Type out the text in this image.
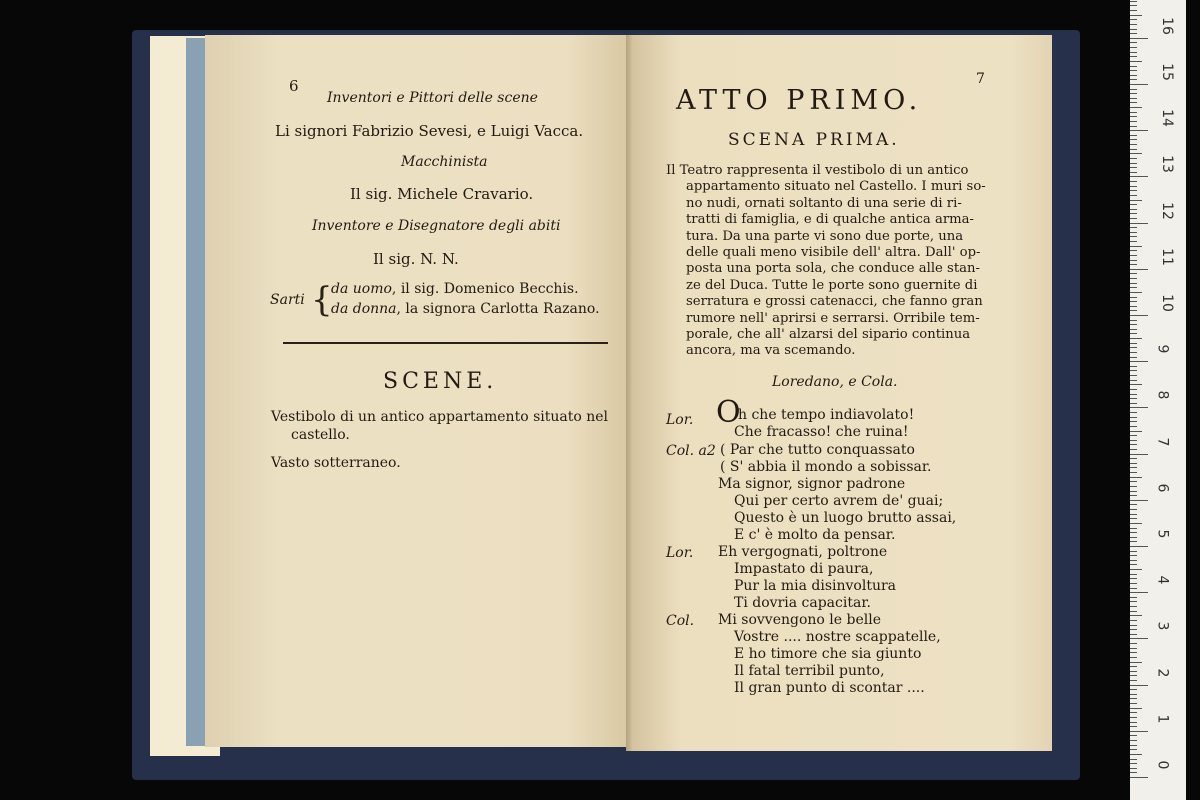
6
Inventori e Pittori delle scene
Li signori Fabrizio Sevesi, e Luigi Vacca.
Macchinista
Il sig. Michele Cravario.
Inventore e Disegnatore degli abiti
Il sig. N. N.
Sarti {
da uomo, il sig. Domenico Becchis.
da donna, la signora Carlotta Razano.
SCENE.
Vestibolo di un antico appartamento situato nel
castello.
Vasto sotterraneo.
7
ATTO PRIMO.
SCENA PRIMA.
Il Teatro rappresenta il vestibolo di un antico
appartamento situato nel Castello. I muri so-
no nudi, ornati soltanto di una serie di ri-
tratti di famiglia, e di qualche antica arma-
tura. Da una parte vi sono due porte, una
delle quali meno visibile dell' altra. Dall' op-
posta una porta sola, che conduce alle stan-
ze del Duca. Tutte le porte sono guernite di
serratura e grossi catenacci, che fanno gran
rumore nell' aprirsi e serrarsi. Orribile tem-
porale, che all' alzarsi del sipario continua
ancora, ma va scemando.
Loredano, e Cola.
Lor. O
h che tempo indiavolato!
Che fracasso! che ruina!
Col. a2 ( Par che tutto conquassato
( S' abbia il mondo a sobissar.
Ma signor, signor padrone
Qui per certo avrem de' guai;
Questo è un luogo brutto assai,
E c' è molto da pensar.
Lor. Eh vergognati, poltrone
Impastato di paura,
Pur la mia disinvoltura
Ti dovria capacitar.
Col. Mi sovvengono le belle
Vostre .... nostre scappatelle,
E ho timore che sia giunto
Il fatal terribil punto,
Il gran punto di scontar ....
0
1
2
3
4
5
6
7
8
9
10
11
12
13
14
15
16
